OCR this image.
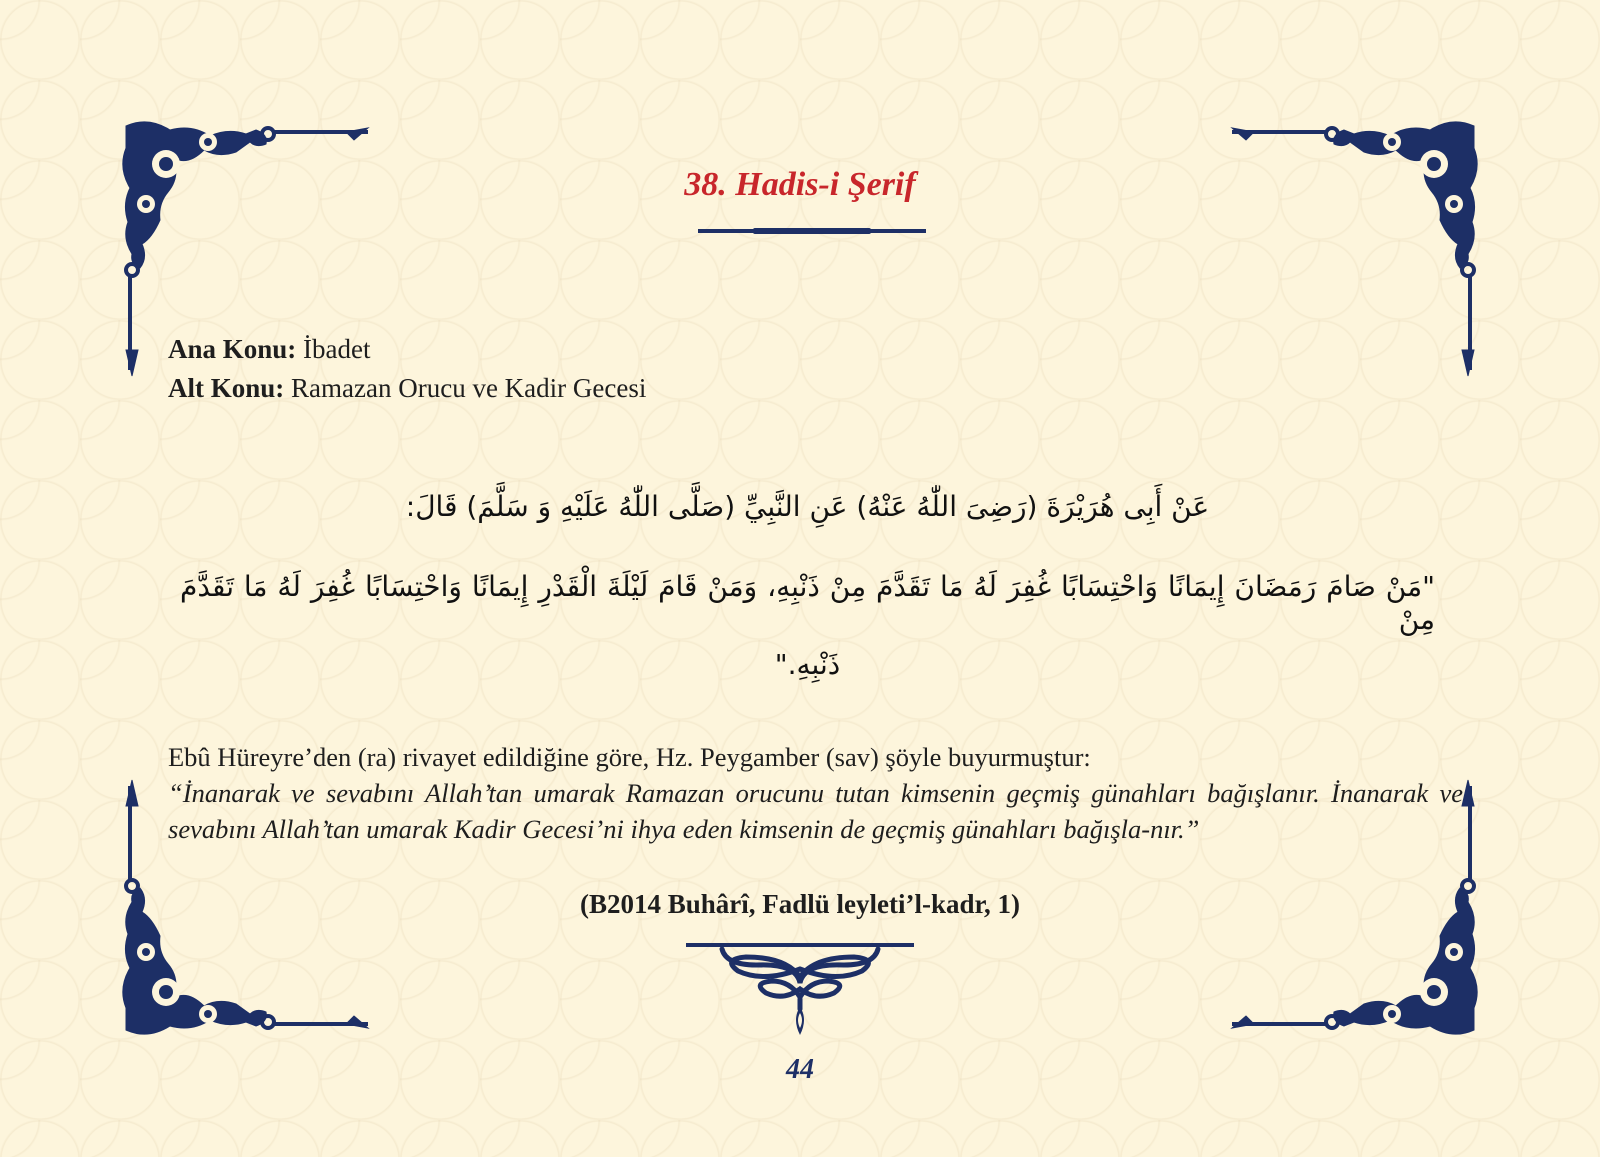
38. Hadis-i Şerif
Ana Konu: İbadet
Alt Konu: Ramazan Orucu ve Kadir Gecesi
عَنْ أَبِى هُرَيْرَةَ (رَضِىَ اللّٰهُ عَنْهُ) عَنِ النَّبِيِّ (صَلَّى اللّٰهُ عَلَيْهِ وَ سَلَّمَ) قَالَ:
"مَنْ صَامَ رَمَضَانَ إِيمَانًا وَاحْتِسَابًا غُفِرَ لَهُ مَا تَقَدَّمَ مِنْ ذَنْبِهِ، وَمَنْ قَامَ لَيْلَةَ الْقَدْرِ إِيمَانًا وَاحْتِسَابًا غُفِرَ لَهُ مَا تَقَدَّمَ مِنْ
ذَنْبِهِ."
Ebû Hüreyre’den (ra) rivayet edildiğine göre, Hz. Peygamber (sav) şöyle buyurmuştur:
“İnanarak ve sevabını Allah’tan umarak Ramazan orucunu tutan kimsenin geçmiş günahları bağışlanır. İnanarak ve sevabını Allah’tan umarak Kadir Gecesi’ni ihya eden kimsenin de geçmiş günahları bağışla-nır.”
(B2014 Buhârî, Fadlü leyleti’l-kadr, 1)
44
